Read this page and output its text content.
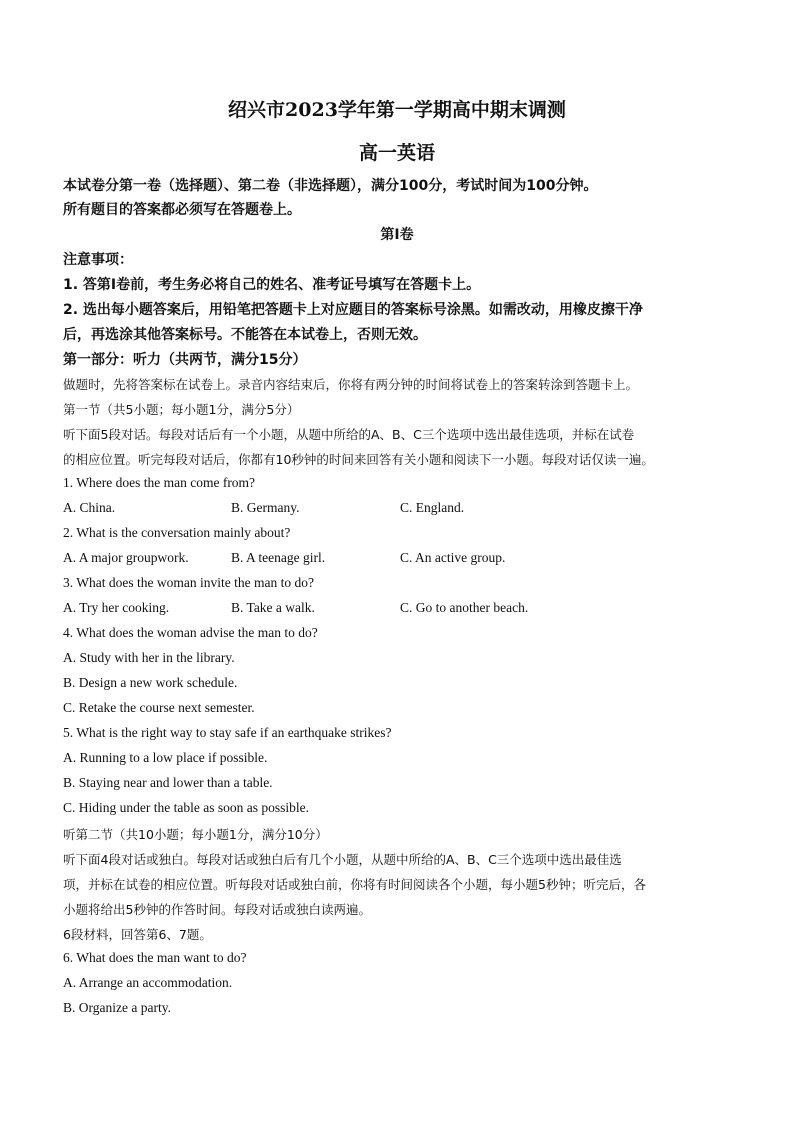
绍兴市2023学年第一学期高中期末调测
高一英语
本试卷分第一卷（选择题）、第二卷（非选择题），满分100分，考试时间为100分钟。
所有题目的答案都必须写在答题卷上。
第I卷
注意事项：
1. 答第I卷前，考生务必将自己的姓名、准考证号填写在答题卡上。
2. 选出每小题答案后，用铅笔把答题卡上对应题目的答案标号涂黑。如需改动，用橡皮擦干净
后，再选涂其他答案标号。不能答在本试卷上，否则无效。
第一部分：听力（共两节，满分15分）
做题时，先将答案标在试卷上。录音内容结束后，你将有两分钟的时间将试卷上的答案转涂到答题卡上。
第一节（共5小题；每小题1分，满分5分）
听下面5段对话。每段对话后有一个小题，从题中所给的A、B、C三个选项中选出最佳选项，并标在试卷
的相应位置。听完每段对话后，你都有10秒钟的时间来回答有关小题和阅读下一小题。每段对话仅读一遍。
1. Where does the man come from?
A. China.	B. Germany.	C. England.
2. What is the conversation mainly about?
A. A major groupwork.	B. A teenage girl.	C. An active group.
3. What does the woman invite the man to do?
A. Try her cooking.	B. Take a walk.	C. Go to another beach.
4. What does the woman advise the man to do?
A. Study with her in the library.
B. Design a new work schedule.
C. Retake the course next semester.
5. What is the right way to stay safe if an earthquake strikes?
A. Running to a low place if possible.
B. Staying near and lower than a table.
C. Hiding under the table as soon as possible.
听第二节（共10小题；每小题1分，满分10分）
听下面4段对话或独白。每段对话或独白后有几个小题，从题中所给的A、B、C三个选项中选出最佳选
项，并标在试卷的相应位置。听每段对话或独白前，你将有时间阅读各个小题，每小题5秒钟；听完后，各
小题将给出5秒钟的作答时间。每段对话或独白读两遍。
6段材料，回答第6、7题。
6. What does the man want to do?
A. Arrange an accommodation.
B. Organize a party.
